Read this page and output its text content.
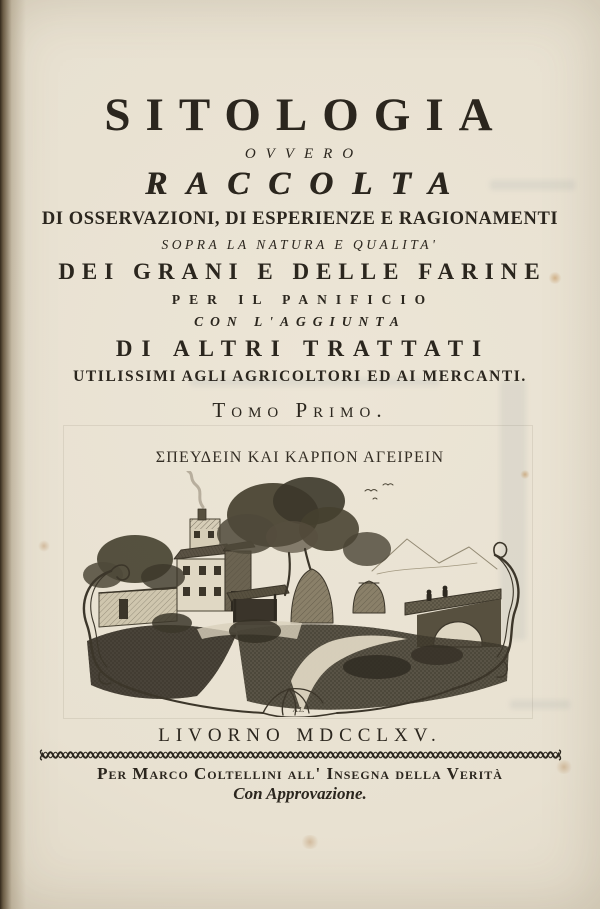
SITOLOGIA
OVVERO
RACCOLTA
DI OSSERVAZIONI, DI ESPERIENZE E RAGIONAMENTI
SOPRA LA NATURA E QUALITA'
DEI GRANI E DELLE FARINE
PER IL PANIFICIO
CON L'AGGIUNTA
DI ALTRI TRATTATI
UTILISSIMI AGLI AGRICOLTORI ED AI MERCANTI.
Tomo Primo.
ΣΠΕΥΔΕΙΝ ΚΑΙ ΚΑΡΠΟΝ ΑΓΕΙΡΕΙΝ
A.L.
LIVORNO MDCCLXV.
Per Marco Coltellini all' Insegna della Verità
Con Approvazione.
